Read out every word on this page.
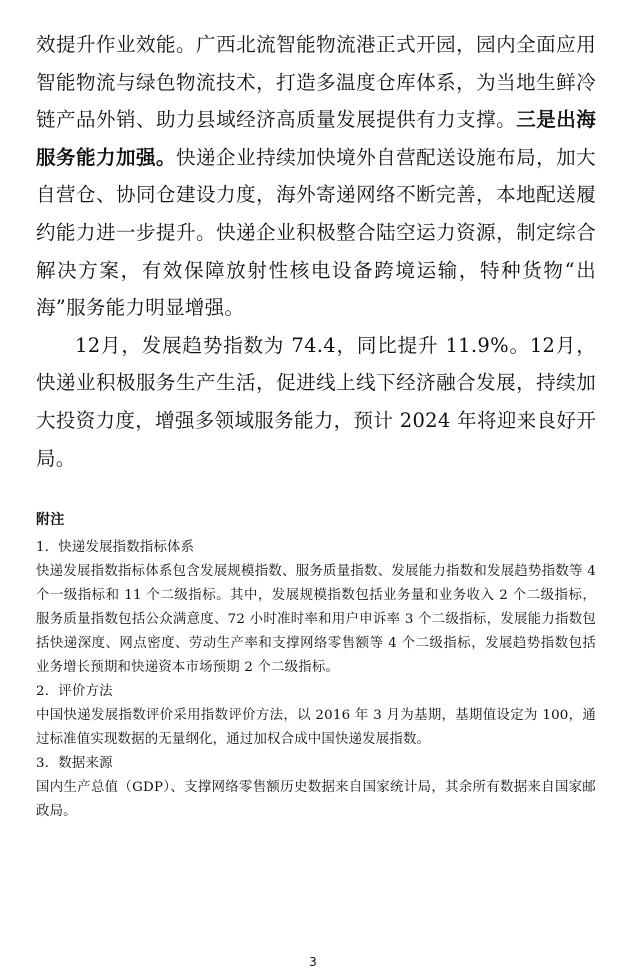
效提升作业效能。广西北流智能物流港正式开园，园内全面应用智能物流与绿色物流技术，打造多温度仓库体系，为当地生鲜冷链产品外销、助力县域经济高质量发展提供有力支撑。三是出海服务能力加强。快递企业持续加快境外自营配送设施布局，加大自营仓、协同仓建设力度，海外寄递网络不断完善，本地配送履约能力进一步提升。快递企业积极整合陆空运力资源，制定综合解决方案，有效保障放射性核电设备跨境运输，特种货物“出海”服务能力明显增强。

12月，发展趋势指数为 74.4，同比提升 11.9%。12月，快递业积极服务生产生活，促进线上线下经济融合发展，持续加大投资力度，增强多领域服务能力，预计 2024 年将迎来良好开局。

附注

1．快递发展指数指标体系

快递发展指数指标体系包含发展规模指数、服务质量指数、发展能力指数和发展趋势指数等 4 个一级指标和 11 个二级指标。其中，发展规模指数包括业务量和业务收入 2 个二级指标，服务质量指数包括公众满意度、72 小时准时率和用户申诉率 3 个二级指标，发展能力指数包括快递深度、网点密度、劳动生产率和支撑网络零售额等 4 个二级指标，发展趋势指数包括业务增长预期和快递资本市场预期 2 个二级指标。

2．评价方法

中国快递发展指数评价采用指数评价方法，以 2016 年 3 月为基期，基期值设定为 100，通过标准值实现数据的无量纲化，通过加权合成中国快递发展指数。

3．数据来源

国内生产总值（GDP）、支撑网络零售额历史数据来自国家统计局，其余所有数据来自国家邮政局。

3
